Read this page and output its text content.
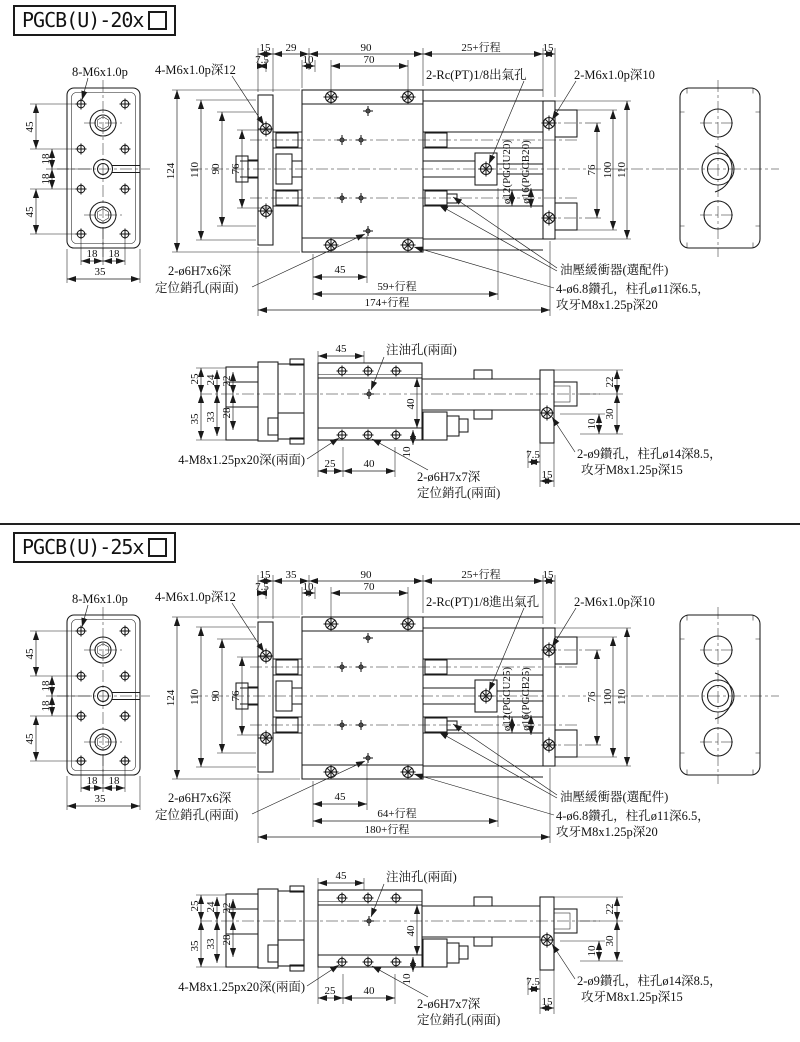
PGCB(U)-20x
8-M6x1.0p
45
18
18
45
18 18
35
4-M6x1.0p深12	2-Rc(PT)1/8出氣孔	2-M6x1.0p深10
15 29	90	25+行程	15
7.5	10	70
124 110 90 76	76 100 110
ø12(PGCU20) ø16(PGCB20)
油壓緩衝器(選配件)
4-ø6.8鑽孔，柱孔ø11深6.5，
攻牙M8x1.25p深20
2-ø6H7x6深
定位銷孔(兩面)
45
59+行程
174+行程
45	注油孔(兩面)
25 24 22
35 33 28
40
10
4-M8x1.25px20深(兩面) 25	40
2-ø6H7x7深
定位銷孔(兩面)
7.5
15
22
30
10
2-ø9鑽孔，柱孔ø14深8.5，
攻牙M8x1.25p深15
PGCB(U)-25x
8-M6x1.0p
45
18
18
45
18 18
35
4-M6x1.0p深12	2-Rc(PT)1/8進出氣孔	2-M6x1.0p深10
15 35	90	25+行程	15
7.5	10	70
124 110 90 76	76 100 110
ø12(PGCU25) ø16(PGCB25)
油壓緩衝器(選配件)
4-ø6.8鑽孔，柱孔ø11深6.5，
攻牙M8x1.25p深20
2-ø6H7x6深
定位銷孔(兩面)
45
64+行程
180+行程
45	注油孔(兩面)
25 24 22
35 33 28
40
10
4-M8x1.25px20深(兩面) 25	40
2-ø6H7x7深
定位銷孔(兩面)
7.5
15
22
30
10
2-ø9鑽孔，柱孔ø14深8.5，
攻牙M8x1.25p深15
